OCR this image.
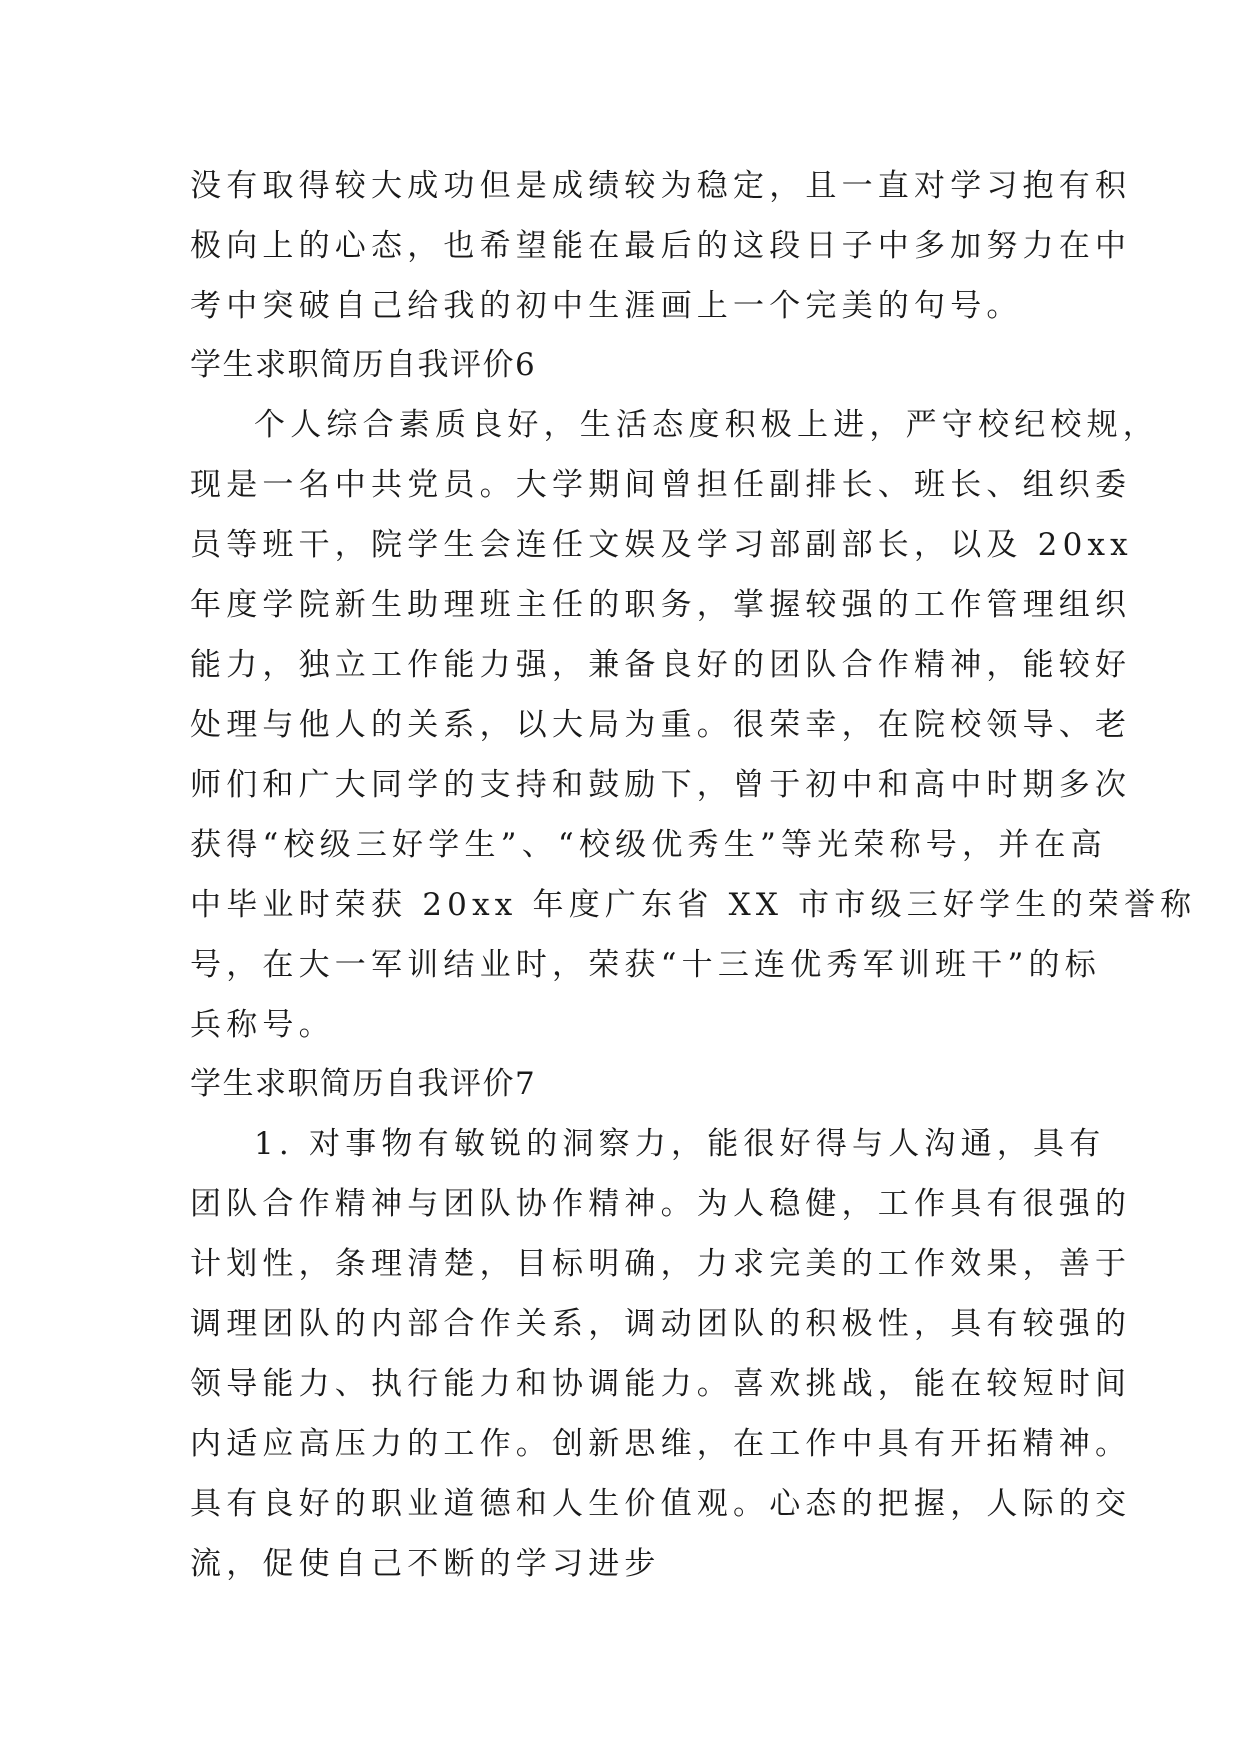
没有取得较大成功但是成绩较为稳定，且一直对学习抱有积
极向上的心态，也希望能在最后的这段日子中多加努力在中
考中突破自己给我的初中生涯画上一个完美的句号。
学生求职简历自我评价6
个人综合素质良好，生活态度积极上进，严守校纪校规，
现是一名中共党员。大学期间曾担任副排长、班长、组织委
员等班干，院学生会连任文娱及学习部副部长，以及 20xx
年度学院新生助理班主任的职务，掌握较强的工作管理组织
能力，独立工作能力强，兼备良好的团队合作精神，能较好
处理与他人的关系，以大局为重。很荣幸，在院校领导、老
师们和广大同学的支持和鼓励下，曾于初中和高中时期多次
获得“校级三好学生”、“校级优秀生”等光荣称号，并在高
中毕业时荣获 20xx 年度广东省 XX 市市级三好学生的荣誉称
号，在大一军训结业时，荣获“十三连优秀军训班干”的标
兵称号。
学生求职简历自我评价7
1. 对事物有敏锐的洞察力，能很好得与人沟通，具有
团队合作精神与团队协作精神。为人稳健，工作具有很强的
计划性，条理清楚，目标明确，力求完美的工作效果，善于
调理团队的内部合作关系，调动团队的积极性，具有较强的
领导能力、执行能力和协调能力。喜欢挑战，能在较短时间
内适应高压力的工作。创新思维，在工作中具有开拓精神。
具有良好的职业道德和人生价值观。心态的把握，人际的交
流，促使自己不断的学习进步
